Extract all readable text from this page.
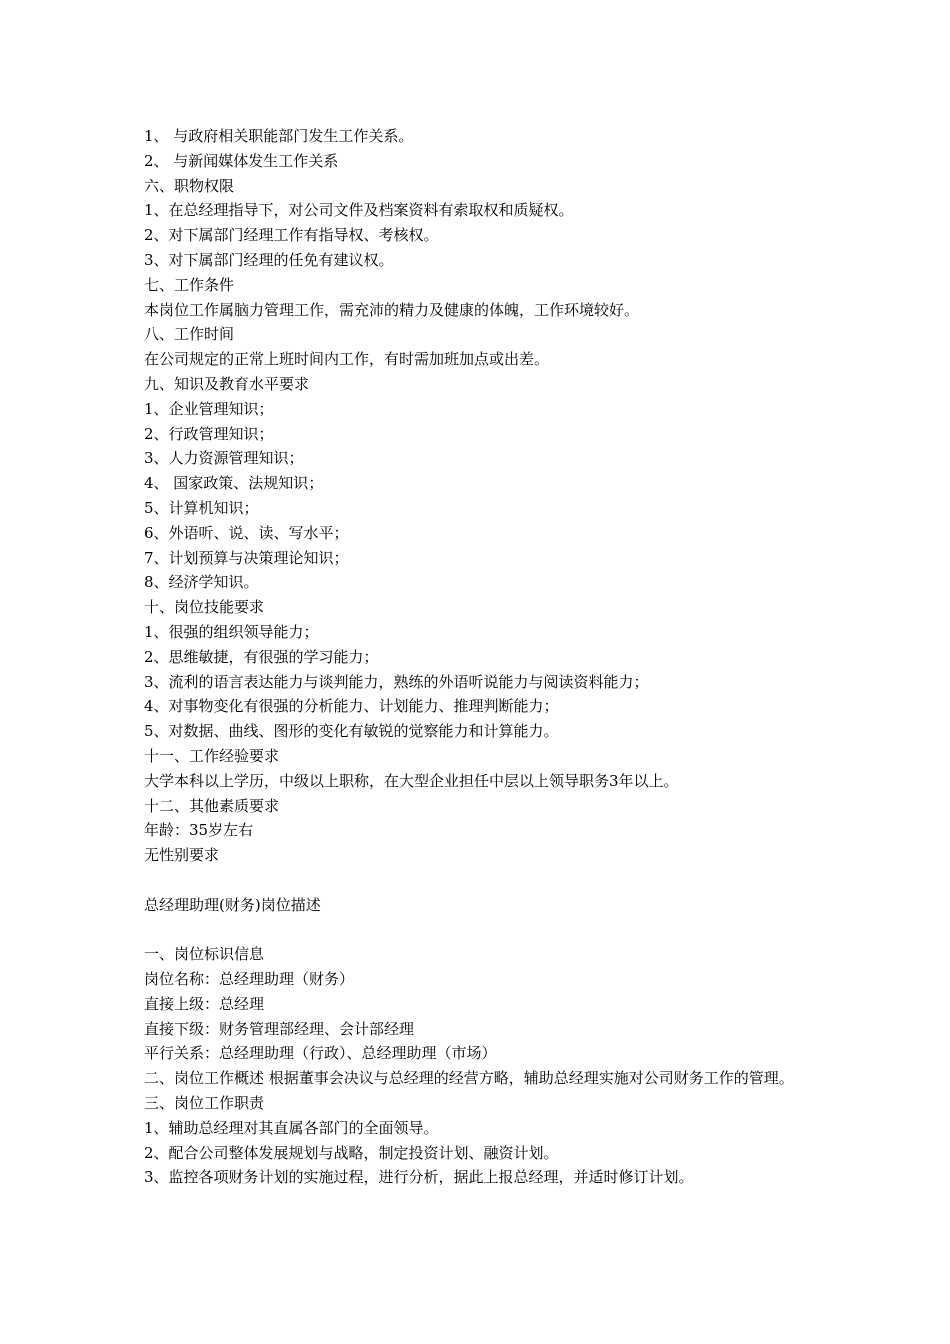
1、 与政府相关职能部门发生工作关系。
2、 与新闻媒体发生工作关系
六、职物权限
1、在总经理指导下，对公司文件及档案资料有索取权和质疑权。
2、对下属部门经理工作有指导权、考核权。
3、对下属部门经理的任免有建议权。
七、工作条件
本岗位工作属脑力管理工作，需充沛的精力及健康的体魄，工作环境较好。
八、工作时间
在公司规定的正常上班时间内工作，有时需加班加点或出差。
九、知识及教育水平要求
1、企业管理知识；
2、行政管理知识；
3、人力资源管理知识；
4、 国家政策、法规知识；
5、计算机知识；
6、外语听、说、读、写水平；
7、计划预算与决策理论知识；
8、经济学知识。
十、岗位技能要求
1、很强的组织领导能力；
2、思维敏捷，有很强的学习能力；
3、流利的语言表达能力与谈判能力，熟练的外语听说能力与阅读资料能力；
4、对事物变化有很强的分析能力、计划能力、推理判断能力；
5、对数据、曲线、图形的变化有敏锐的觉察能力和计算能力。
十一、工作经验要求
大学本科以上学历，中级以上职称，在大型企业担任中层以上领导职务3年以上。
十二、其他素质要求
年龄：35岁左右
无性别要求
总经理助理(财务)岗位描述
一、岗位标识信息
岗位名称：总经理助理（财务）
直接上级：总经理
直接下级：财务管理部经理、会计部经理
平行关系：总经理助理（行政）、总经理助理（市场）
二、岗位工作概述 根据董事会决议与总经理的经营方略，辅助总经理实施对公司财务工作的管理。
三、岗位工作职责
1、辅助总经理对其直属各部门的全面领导。
2、配合公司整体发展规划与战略，制定投资计划、融资计划。
3、监控各项财务计划的实施过程，进行分析，据此上报总经理，并适时修订计划。
